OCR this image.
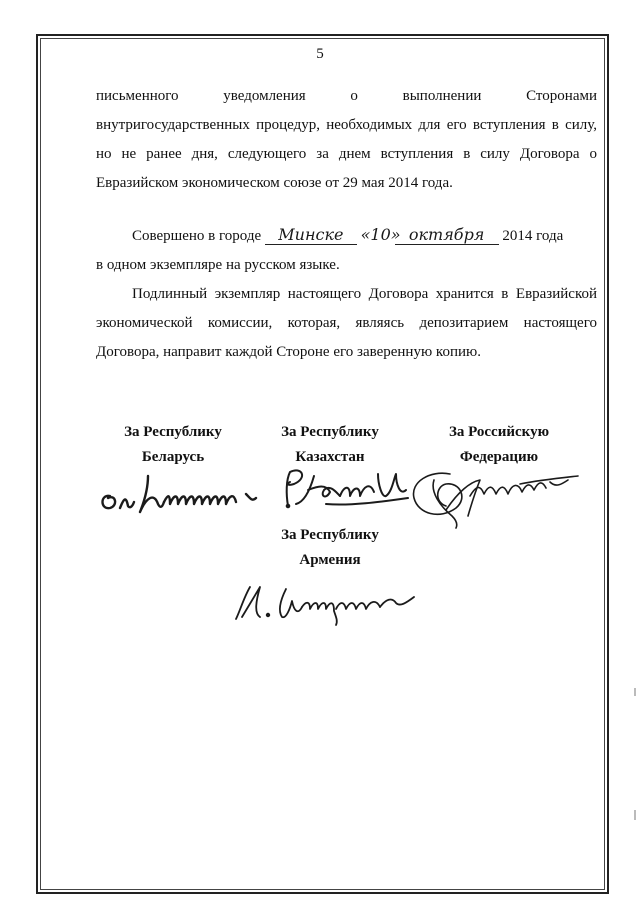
5
письменного уведомления о выполнении Сторонами
внутригосударственных процедур, необходимых для его вступления в силу, но не ранее дня, следующего за днем вступления в силу Договора о Евразийском экономическом союзе от 29 мая 2014 года.
Совершено в городе Минске «10» октября 2014 года
в одном экземпляре на русском языке.
Подлинный экземпляр настоящего Договора хранится в Евразийской экономической комиссии, которая, являясь депозитарием настоящего Договора, направит каждой Стороне его заверенную копию.
За Республику
Беларусь
За Республику
Казахстан
За Российскую
Федерацию
За Республику
Армения
